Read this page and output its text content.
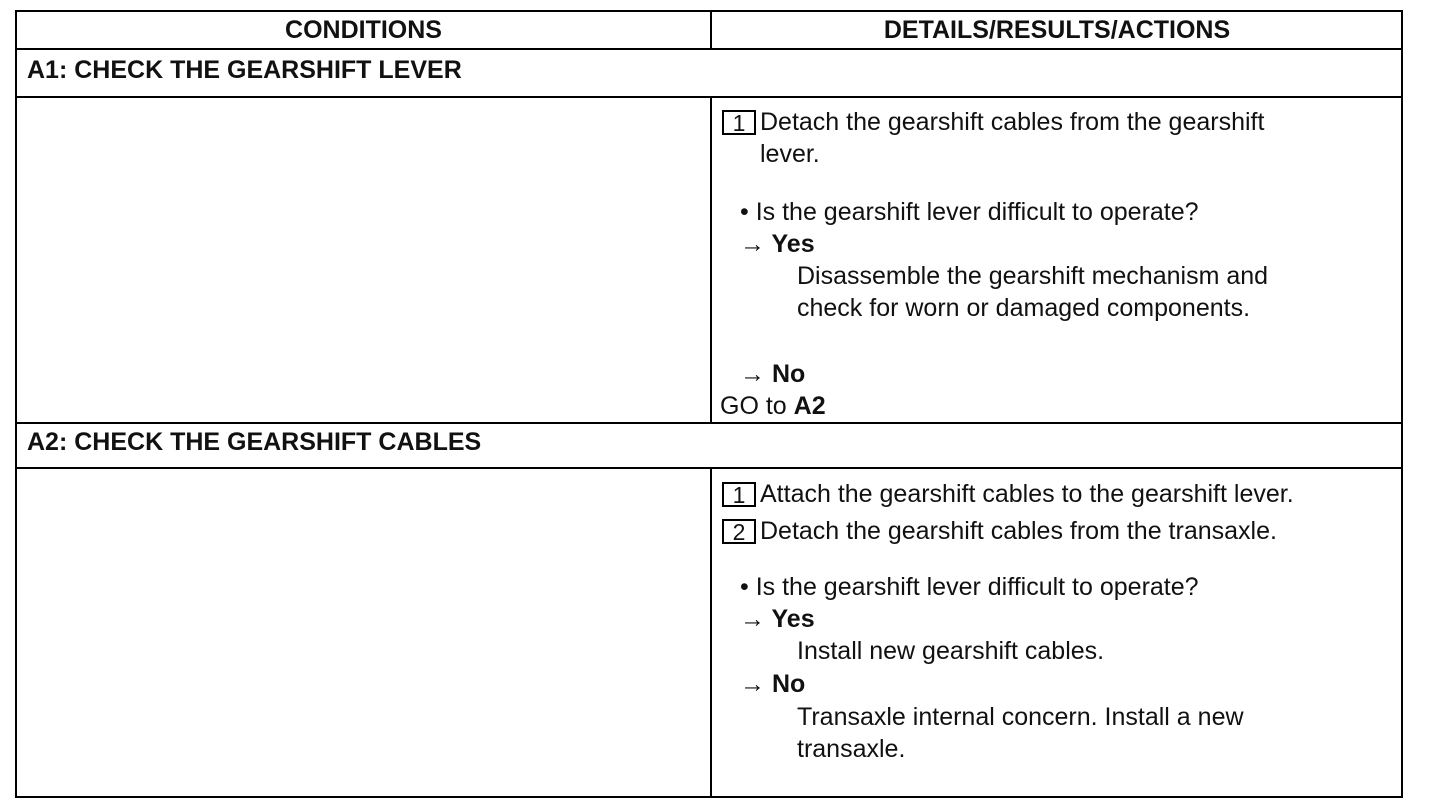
CONDITIONS	DETAILS/RESULTS/ACTIONS
A1: CHECK THE GEARSHIFT LEVER
1 Detach the gearshift cables from the gearshift
lever.
• Is the gearshift lever difficult to operate?
→ Yes
Disassemble the gearshift mechanism and
check for worn or damaged components.
→ No
GO to A2
A2: CHECK THE GEARSHIFT CABLES
1 Attach the gearshift cables to the gearshift lever.
2 Detach the gearshift cables from the transaxle.
• Is the gearshift lever difficult to operate?
→ Yes
Install new gearshift cables.
→ No
Transaxle internal concern. Install a new
transaxle.
